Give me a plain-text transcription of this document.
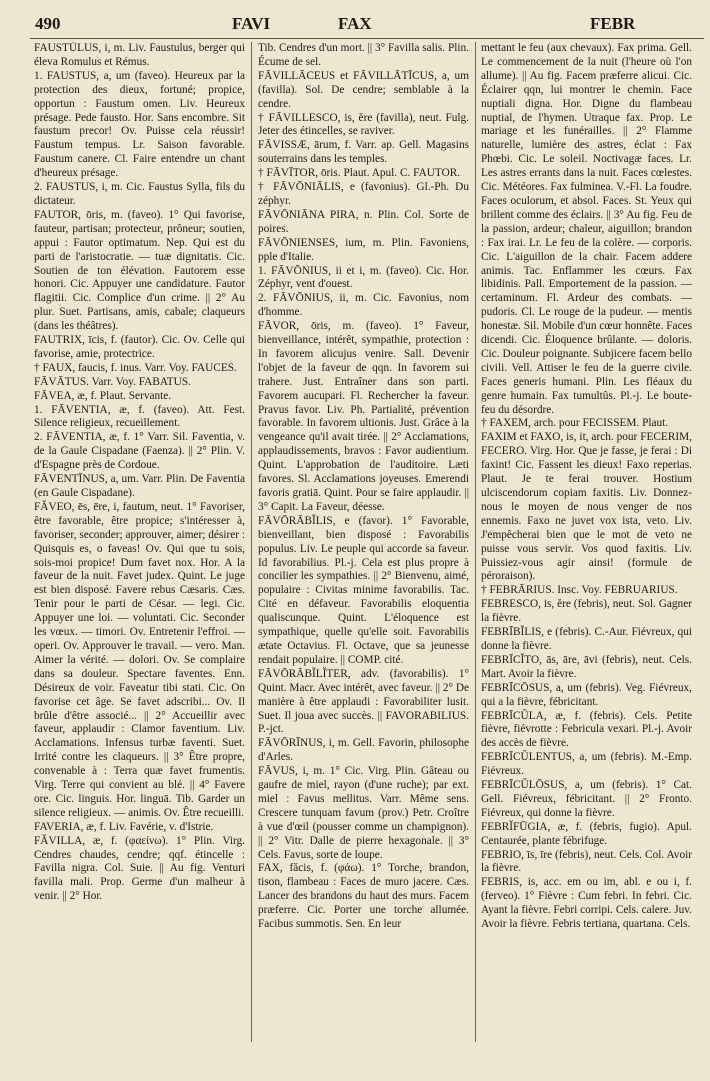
490	FAVI	FAX	FEBR

FAUSTŬLUS, i, m. Liv. Faustulus, berger qui éleva Romulus et Rémus.

1. FAUSTUS, a, um (faveo). Heureux par la protection des dieux, fortuné; propice, opportun : Faustum omen. Liv. Heureux présage. Pede fausto. Hor. Sans encombre. Sit faustum precor! Ov. Puisse cela réussir! Faustum tempus. Lr. Saison favorable. Faustum canere. Cl. Faire entendre un chant d'heureux présage.

2. FAUSTUS, i, m. Cic. Faustus Sylla, fils du dictateur.

FAUTOR, ōris, m. (faveo). 1° Qui favorise, fauteur, partisan; protecteur, prôneur; soutien, appui : Fautor optimatum. Nep. Qui est du parti de l'aristocratie. — tuæ dignitatis. Cic. Soutien de ton élévation. Fautorem esse honori. Cic. Appuyer une candidature. Fautor flagitii. Cic. Complice d'un crime. || 2° Au plur. Suet. Partisans, amis, cabale; claqueurs (dans les théâtres).

FAUTRIX, īcis, f. (fautor). Cic. Ov. Celle qui favorise, amie, protectrice.

† FAUX, faucis, f. inus. Varr. Voy. FAUCES.

FĀVĀTUS. Varr. Voy. FABATUS.

FĀVEA, æ, f. Plaut. Servante.

1. FĀVENTIA, æ, f. (faveo). Att. Fest. Silence religieux, recueillement.

2. FĀVENTIA, æ, f. 1° Varr. Sil. Faventia, v. de la Gaule Cispadane (Faenza). || 2° Plin. V. d'Espagne près de Cordoue.

FĀVENTĪNUS, a, um. Varr. Plin. De Faventia (en Gaule Cispadane).

FĂVEO, ēs, ēre, i, fautum, neut. 1° Favoriser, être favorable, être propice; s'intéresser à, favoriser, seconder; approuver, aimer; désirer : Quisquis es, o faveas! Ov. Qui que tu sois, sois-moi propice! Dum favet nox. Hor. A la faveur de la nuit. Favet judex. Quint. Le juge est bien disposé. Favere rebus Cæsaris. Cæs. Tenir pour le parti de César. — legi. Cic. Appuyer une loi. — voluntati. Cic. Seconder les vœux. — timori. Ov. Entretenir l'effroi. — operi. Ov. Approuver le travail. — vero. Man. Aimer la vérité. — dolori. Ov. Se complaire dans sa douleur. Spectare faventes. Enn. Désireux de voir. Faveatur tibi stati. Cic. On favorise cet âge. Se favet adscribi... Ov. Il brûle d'être associé... || 2° Accueillir avec faveur, applaudir : Clamor faventium. Liv. Acclamations. Infensus turbæ faventi. Suet. Irrité contre les claqueurs. || 3° Être propre, convenable à : Terra quæ favet frumentis. Virg. Terre qui convient au blé. || 4° Favere ore. Cic. linguis. Hor. linguā. Tib. Garder un silence religieux. — animis. Ov. Être recueilli.

FAVERIA, æ, f. Liv. Favérie, v. d'Istrie.

FĂVILLA, æ, f. (φαείνω). 1° Plin. Virg. Cendres chaudes, cendre; qqf. étincelle : Favilla nigra. Col. Suie. || Au fig. Venturi favilla mali. Prop. Germe d'un malheur à venir. || 2° Hor.

Tib. Cendres d'un mort. || 3° Favilla salis. Plin. Écume de sel.

FĀVILLĀCEUS et FĀVILLĀTĪCUS, a, um (favilla). Sol. De cendre; semblable à la cendre.

† FĀVILLESCO, is, ĕre (favilla), neut. Fulg. Jeter des étincelles, se raviver.

FĀVISSÆ, ārum, f. Varr. ap. Gell. Magasins souterrains dans les temples.

† FĀVĪTOR, ōris. Plaut. Apul. C. FAUTOR.

† FĀVŌNIĀLIS, e (favonius). Gl.-Ph. Du zéphyr.

FĀVŌNIĀNA PIRA, n. Plin. Col. Sorte de poires.

FĀVŌNIENSES, ium, m. Plin. Favoniens, pple d'Italie.

1. FĀVŌNIUS, ii et i, m. (faveo). Cic. Hor. Zéphyr, vent d'ouest.

2. FĀVŌNIUS, ii, m. Cic. Favonius, nom d'homme.

FĀVOR, ōris, m. (faveo). 1° Faveur, bienveillance, intérêt, sympathie, protection : In favorem alicujus venire. Sall. Devenir l'objet de la faveur de qqn. In favorem sui trahere. Just. Entraîner dans son parti. Favorem aucupari. Fl. Rechercher la faveur. Pravus favor. Liv. Ph. Partialité, prévention favorable. In favorem ultionis. Just. Grâce à la vengeance qu'il avait tirée. || 2° Acclamations, applaudissements, bravos : Favor audientium. Quint. L'approbation de l'auditoire. Læti favores. Sl. Acclamations joyeuses. Emerendi favoris gratiā. Quint. Pour se faire applaudir. || 3° Capit. La Faveur, déesse.

FĀVŌRĀBĬLIS, e (favor). 1° Favorable, bienveillant, bien disposé : Favorabilis populus. Liv. Le peuple qui accorde sa faveur. Id favorabilius. Pl.-j. Cela est plus propre à concilier les sympathies. || 2° Bienvenu, aimé, populaire : Civitas minime favorabilis. Tac. Cité en défaveur. Favorabilis eloquentia qualiscunque. Quint. L'éloquence est sympathique, quelle qu'elle soit. Favorabilis ætate Octavius. Fl. Octave, que sa jeunesse rendait populaire. || COMP. cité.

FĀVŌRĀBĬLĬTER, adv. (favorabilis). 1° Quint. Macr. Avec intérêt, avec faveur. || 2° De manière à être applaudi : Favorabiliter lusit. Suet. Il joua avec succès. || FAVORABILIUS. P.-jct.

FĀVŌRĪNUS, i, m. Gell. Favorin, philosophe d'Arles.

FĀVUS, i, m. 1° Cic. Virg. Plin. Gâteau ou gaufre de miel, rayon (d'une ruche); par ext. miel : Favus mellitus. Varr. Même sens. Crescere tunquam favum (prov.) Petr. Croître à vue d'œil (pousser comme un champignon). || 2° Vitr. Dalle de pierre hexagonale. || 3° Cels. Favus, sorte de loupe.

FAX, făcis, f. (φάω). 1° Torche, brandon, tison, flambeau : Faces de muro jacere. Cæs. Lancer des brandons du haut des murs. Facem præferre. Cic. Porter une torche allumée. Facibus summotis. Sen. En leur

mettant le feu (aux chevaux). Fax prima. Gell. Le commencement de la nuit (l'heure où l'on allume). || Au fig. Facem præferre alicui. Cic. Éclairer qqn, lui montrer le chemin. Face nuptiali digna. Hor. Digne du flambeau nuptial, de l'hymen. Utraque fax. Prop. Le mariage et les funérailles. || 2° Flamme naturelle, lumière des astres, éclat : Fax Phœbi. Cic. Le soleil. Noctivagæ faces. Lr. Les astres errants dans la nuit. Faces cœlestes. Cic. Météores. Fax fulminea. V.-Fl. La foudre. Faces oculorum, et absol. Faces. St. Yeux qui brillent comme des éclairs. || 3° Au fig. Feu de la passion, ardeur; chaleur, aiguillon; brandon : Fax irai. Lr. Le feu de la colère. — corporis. Cic. L'aiguillon de la chair. Facem addere animis. Tac. Enflammer les cœurs. Fax libidinis. Pall. Emportement de la passion. — certaminum. Fl. Ardeur des combats. — pudoris. Cl. Le rouge de la pudeur. — mentis honestæ. Sil. Mobile d'un cœur honnête. Faces dicendi. Cic. Éloquence brûlante. — doloris. Cic. Douleur poignante. Subjicere facem bello civili. Vell. Attiser le feu de la guerre civile. Faces generis humani. Plin. Les fléaux du genre humain. Fax tumultûs. Pl.-j. Le boute-feu du désordre.

† FAXEM, arch. pour FECISSEM. Plaut.

FAXIM et FAXO, is, it, arch. pour FECERIM, FECERO. Virg. Hor. Que je fasse, je ferai : Di faxint! Cic. Fassent les dieux! Faxo reperias. Plaut. Je te ferai trouver. Hostium ulciscendorum copiam faxitis. Liv. Donnez-nous le moyen de nous venger de nos ennemis. Faxo ne juvet vox ista, veto. Liv. J'empêcherai bien que le mot de veto ne puisse vous servir. Vos quod faxitis. Liv. Puissiez-vous agir ainsi! (formule de péroraison).

† FEBRĀRIUS. Insc. Voy. FEBRUARIUS.

FEBRESCO, is, ĕre (febris), neut. Sol. Gagner la fièvre.

FEBRĪBĬLIS, e (febris). C.-Aur. Fiévreux, qui donne la fièvre.

FEBRĪCĬTO, ās, āre, āvi (febris), neut. Cels. Mart. Avoir la fièvre.

FEBRĪCŌSUS, a, um (febris). Veg. Fiévreux, qui a la fièvre, fébricitant.

FEBRĪCŬLA, æ, f. (febris). Cels. Petite fièvre, fiévrotte : Febricula vexari. Pl.-j. Avoir des accès de fièvre.

FEBRĪCŬLENTUS, a, um (febris). M.-Emp. Fiévreux.

FEBRĪCŬLŌSUS, a, um (febris). 1° Cat. Gell. Fiévreux, fébricitant. || 2° Fronto. Fiévreux, qui donne la fièvre.

FEBRĬFŪGIA, æ, f. (febris, fugio). Apul. Centaurée, plante fébrifuge.

FEBRIO, īs, īre (febris), neut. Cels. Col. Avoir la fièvre.

FEBRIS, is, acc. em ou im, abl. e ou i, f. (ferveo). 1° Fièvre : Cum febri. In febri. Cic. Ayant la fièvre. Febri corripi. Cels. calere. Juv. Avoir la fièvre. Febris tertiana, quartana. Cels.
